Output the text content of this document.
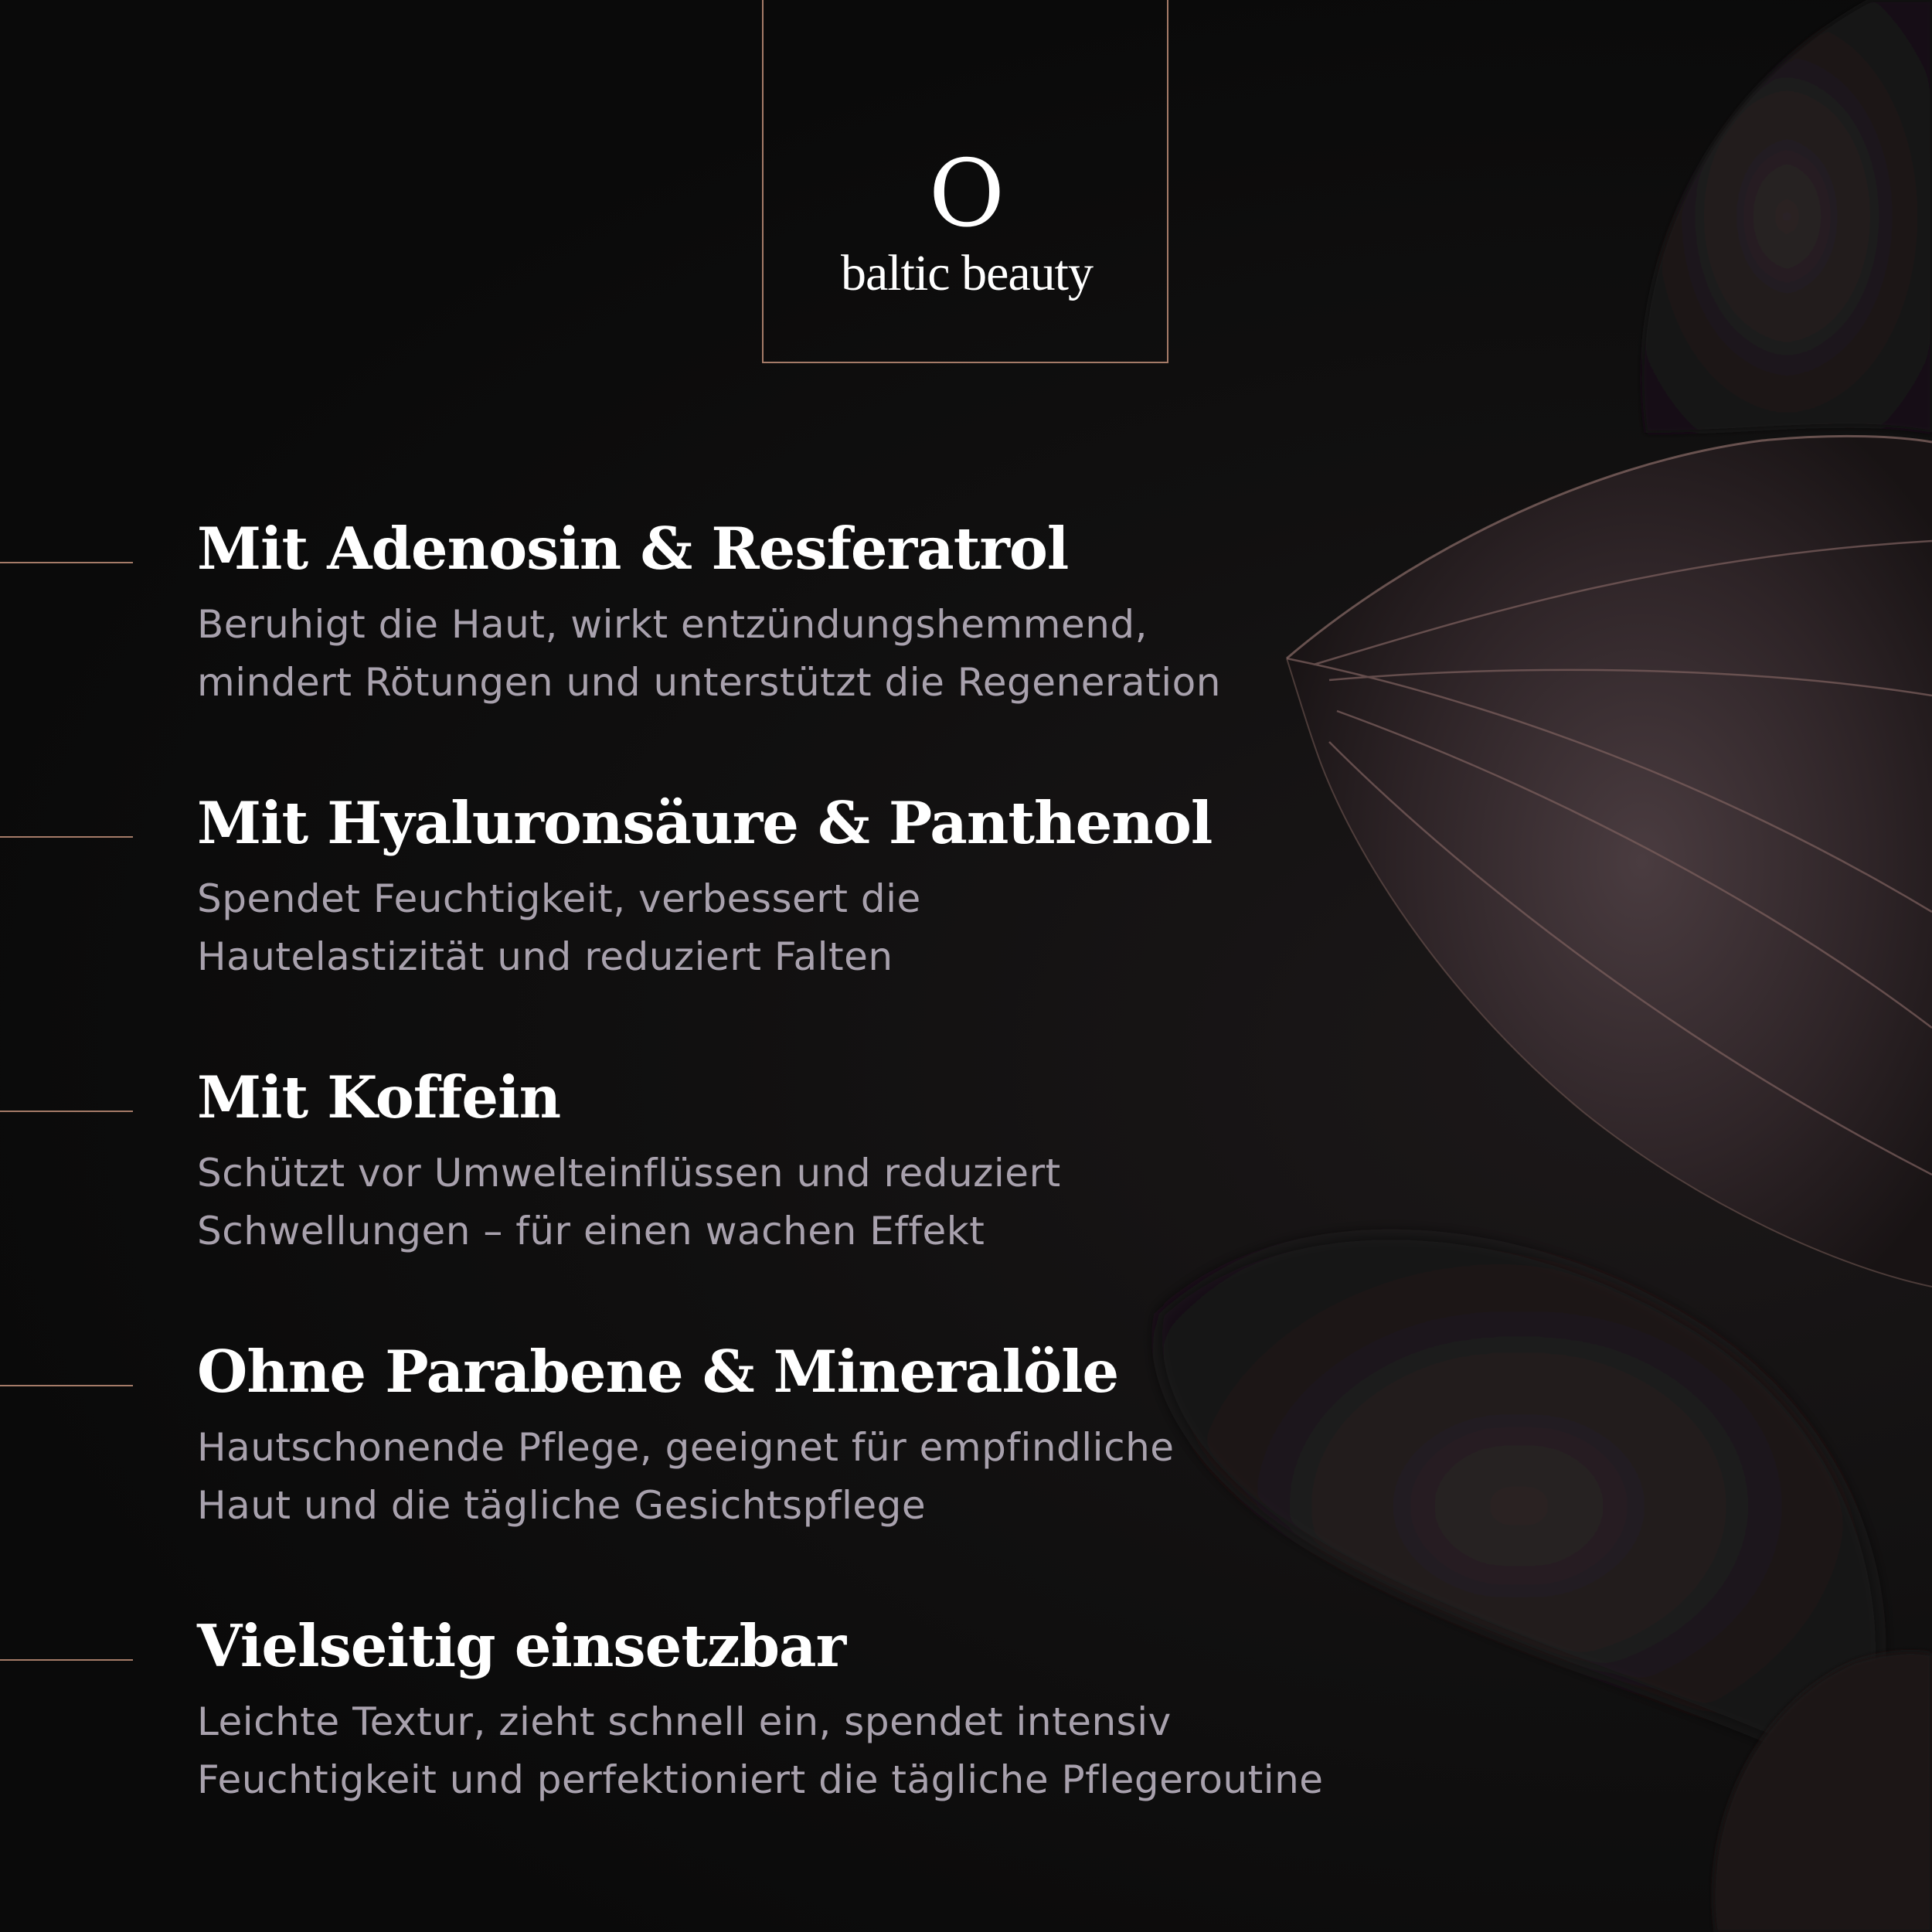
O
baltic beauty
Mit Adenosin & Resferatrol
Beruhigt die Haut, wirkt entzündungshemmend,
mindert Rötungen und unterstützt die Regeneration
Mit Hyaluronsäure & Panthenol
Spendet Feuchtigkeit, verbessert die
Hautelastizität und reduziert Falten
Mit Koffein
Schützt vor Umwelteinflüssen und reduziert
Schwellungen – für einen wachen Effekt
Ohne Parabene & Mineralöle
Hautschonende Pflege, geeignet für empfindliche
Haut und die tägliche Gesichtspflege
Vielseitig einsetzbar
Leichte Textur, zieht schnell ein, spendet intensiv
Feuchtigkeit und perfektioniert die tägliche Pflegeroutine
